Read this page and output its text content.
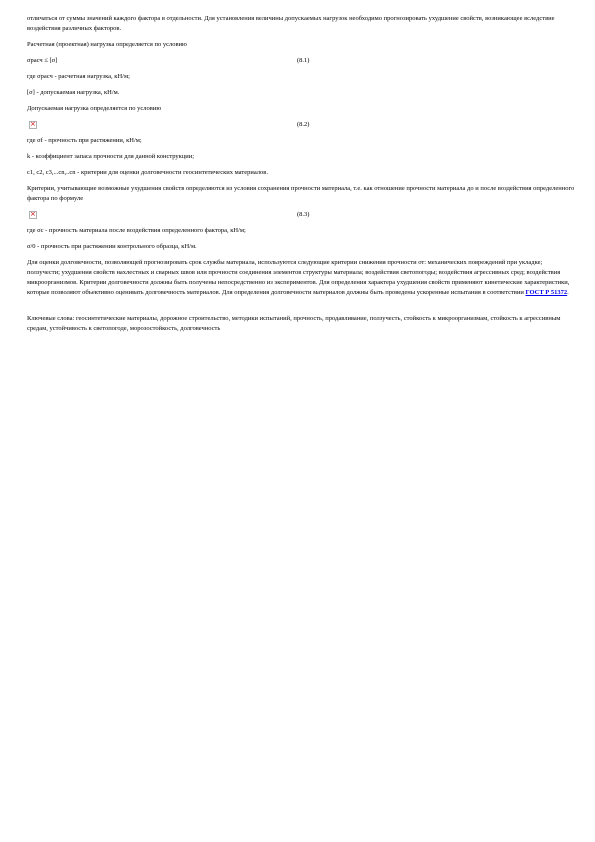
отличаться от суммы значений каждого фактора в отдельности. Для установления величины допускаемых нагрузок необходимо прогнозировать ухудшение свойств, возникающее вследствие воздействия различных факторов.

Расчетная (проектная) нагрузка определяется по условию

σрасч ≤ [σ]	(8.1)

где σрасч - расчетная нагрузка, кН/м;

[σ] - допускаемая нагрузка, кН/м.

Допускаемая нагрузка определяется по условию

×
(8.2)

где σf - прочность при растяжении, кН/м;

k - коэффициент запаса прочности для данной конструкции;

c1, c2, c3,...cn,..cn - критерии для оценки долговечности геосинтетических материалов.

Критерии, учитывающие возможные ухудшения свойств определяются из условия сохранения прочности материала, т.е. как отношение прочности материала до и после воздействия определенного фактора по формуле

×
(8.3)

где σc - прочность материала после воздействия определенного фактора, кН/м;

σ/0 - прочность при растяжении контрольного образца, кН/м.

Для оценки долговечности, позволяющей прогнозировать срок службы материала, используются следующие критерии снижения прочности от: механических повреждений при укладке; ползучести; ухудшения свойств нахлестных и сварных швов или прочности соединения элементов структуры материала; воздействия светопогоды; воздействия агрессивных сред; воздействия микроорганизмов. Критерии долговечности должны быть получены непосредственно из экспериментов. Для определения характера ухудшения свойств применяют кинетические характеристики, которые позволяют объективно оценивать долговечность материалов. Для определения долговечности материалов должны быть проведены ускоренные испытания в соответствии ГОСТ Р 51372.

Ключевые слова: геосинтетические материалы, дорожное строительство, методики испытаний, прочность, продавливание, ползучесть, стойкость к микроорганизмам, стойкость к агрессивным средам, устойчивость к светопогоде, морозостойкость, долговечность
